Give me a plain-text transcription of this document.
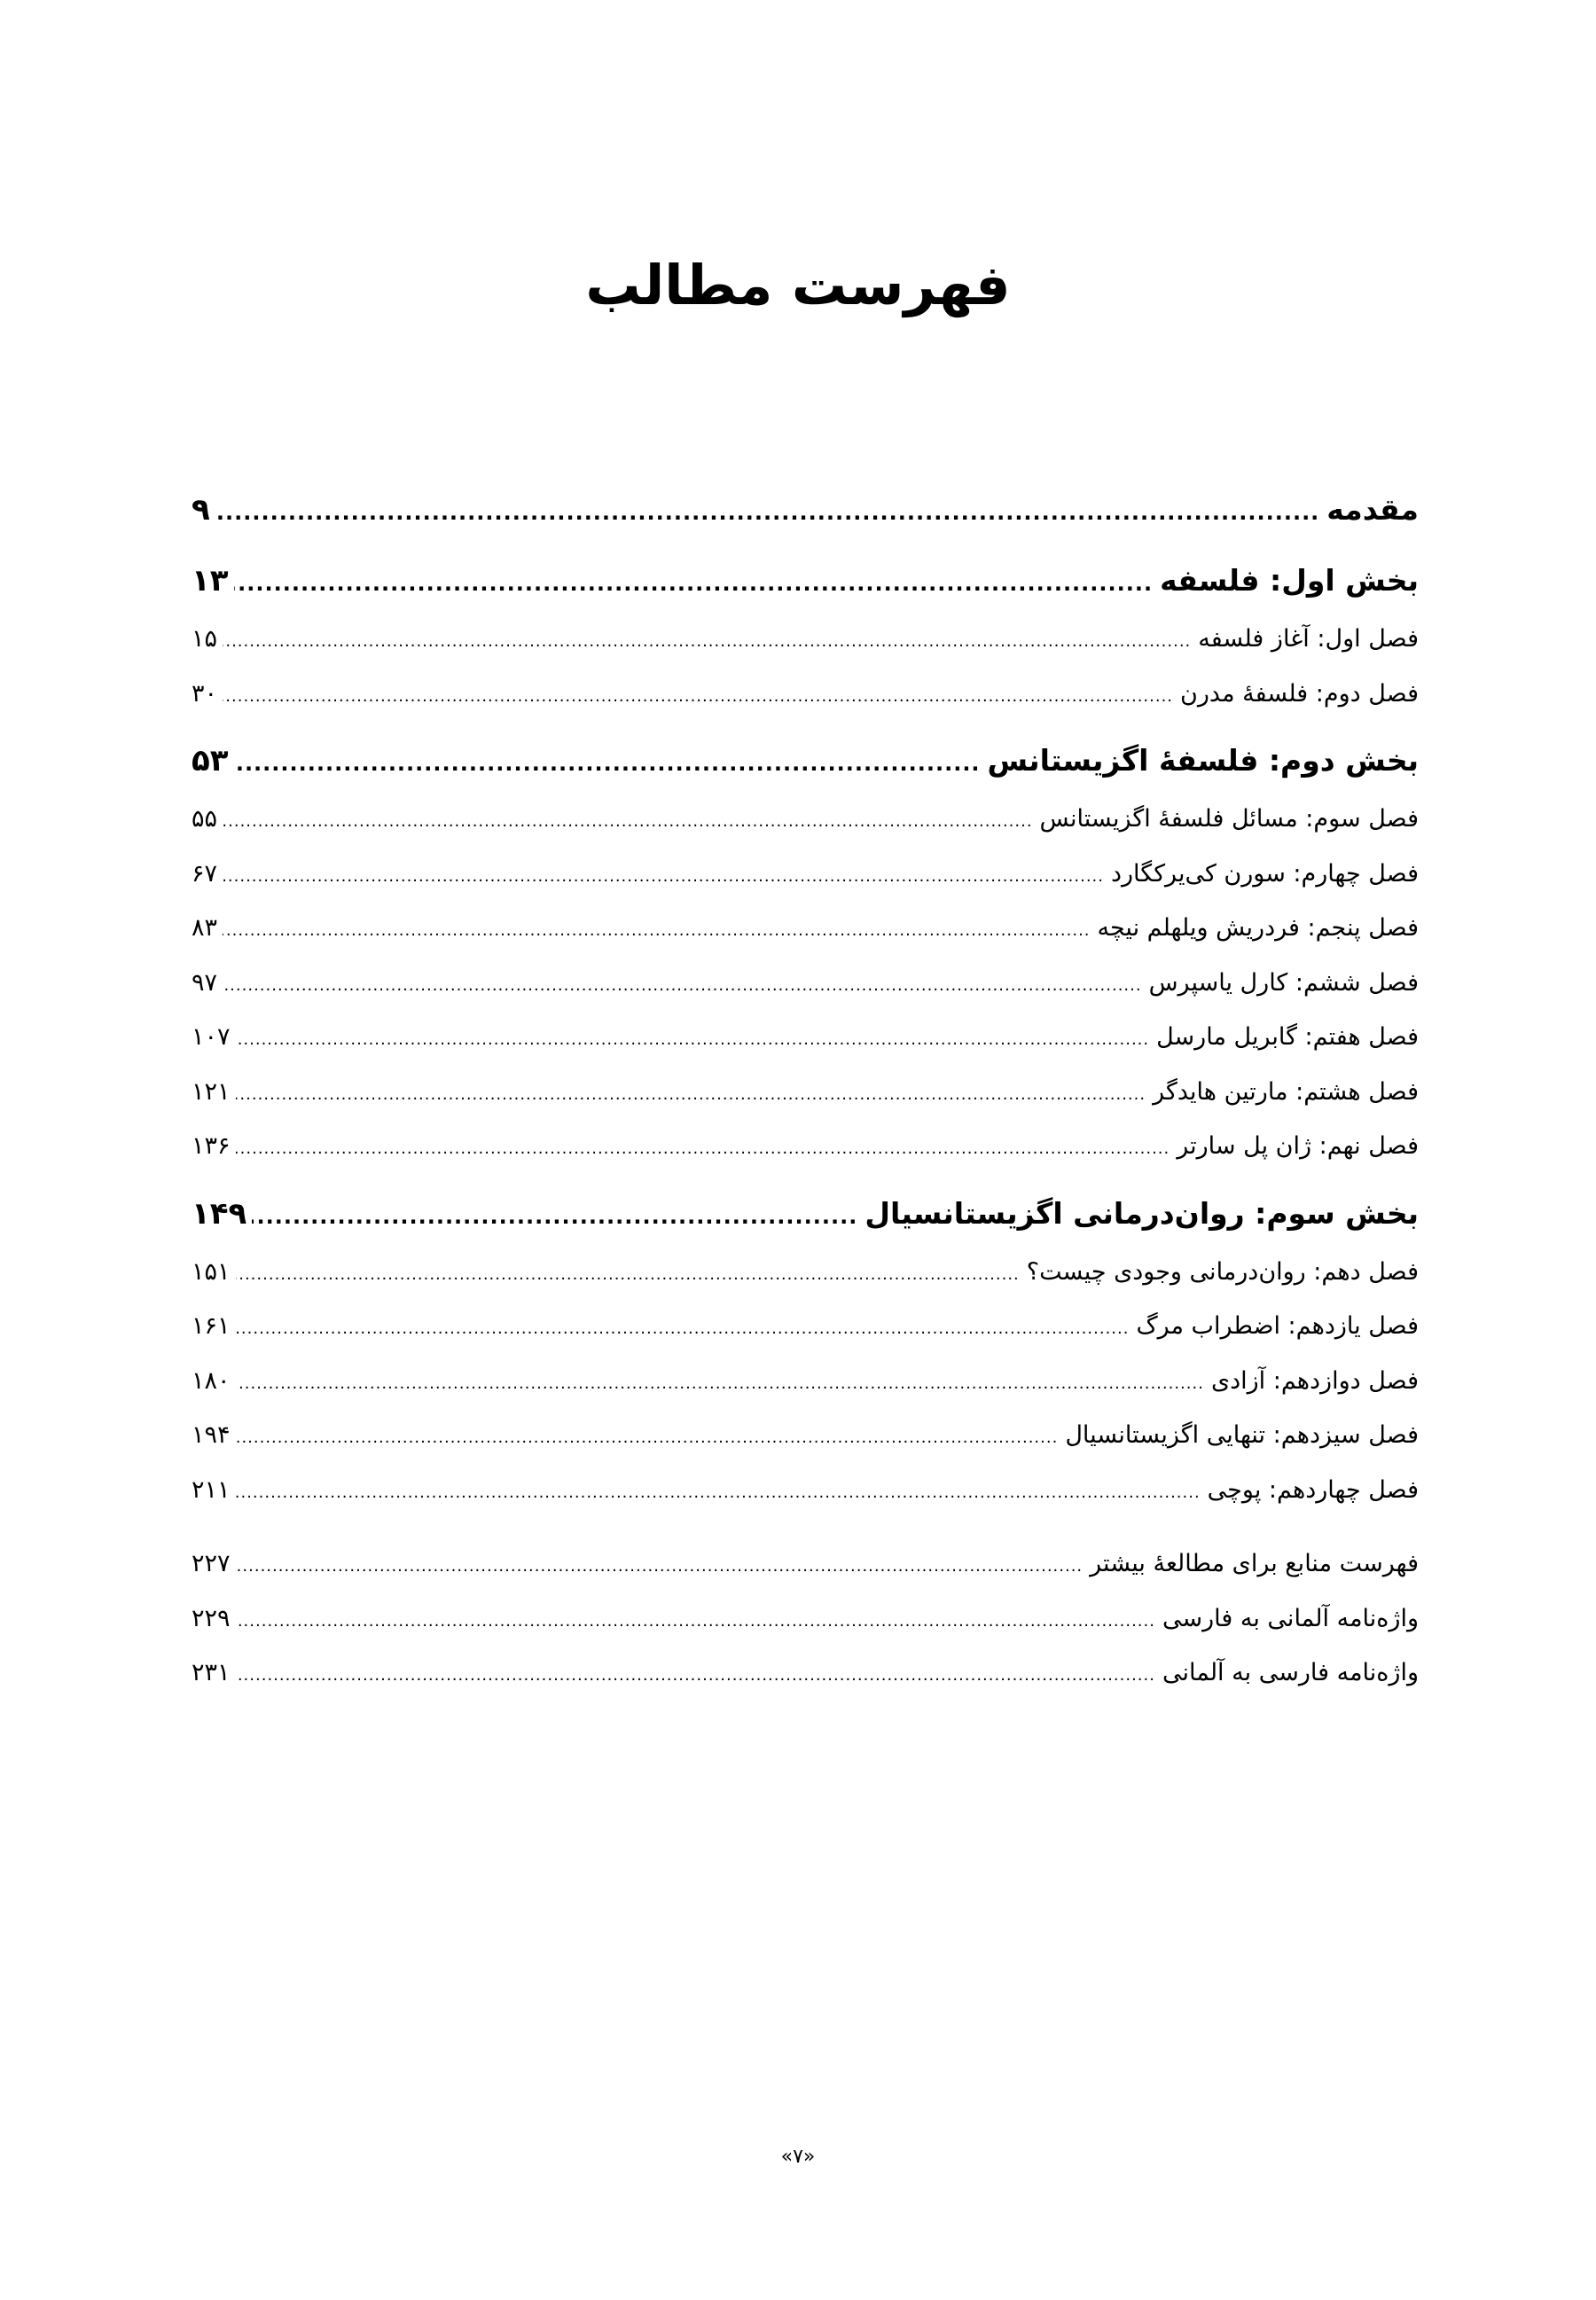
فهرست مطالب
مقدمه
.....
۹
بخش اول: فلسفه
.....
۱۳
فصل اول: آغاز فلسفه
.....
۱۵
فصل دوم: فلسفۀ مدرن
.....
۳۰
بخش دوم: فلسفۀ اگزیستانس
.....
۵۳
فصل سوم: مسائل فلسفۀ اگزیستانس
.....
۵۵
فصل چهارم: سورن کی‌یرکگارد
.....
۶۷
فصل پنجم: فردریش ویلهلم نیچه
.....
۸۳
فصل ششم: کارل یاسپرس
.....
۹۷
فصل هفتم: گابریل مارسل
.....
۱۰۷
فصل هشتم: مارتین هایدگر
.....
۱۲۱
فصل نهم: ژان پل سارتر
.....
۱۳۶
بخش سوم: روان‌درمانی اگزیستانسیال
.....
۱۴۹
فصل دهم: روان‌درمانی وجودی چیست؟
.....
۱۵۱
فصل یازدهم: اضطراب مرگ
.....
۱۶۱
فصل دوازدهم: آزادی
.....
۱۸۰
فصل سیزدهم: تنهایی اگزیستانسیال
.....
۱۹۴
فصل چهاردهم: پوچی
.....
۲۱۱
فهرست منابع برای مطالعۀ بیشتر
.....
۲۲۷
واژه‌نامه آلمانی به فارسی
.....
۲۲۹
واژه‌نامه فارسی به آلمانی
.....
۲۳۱
«۷»
